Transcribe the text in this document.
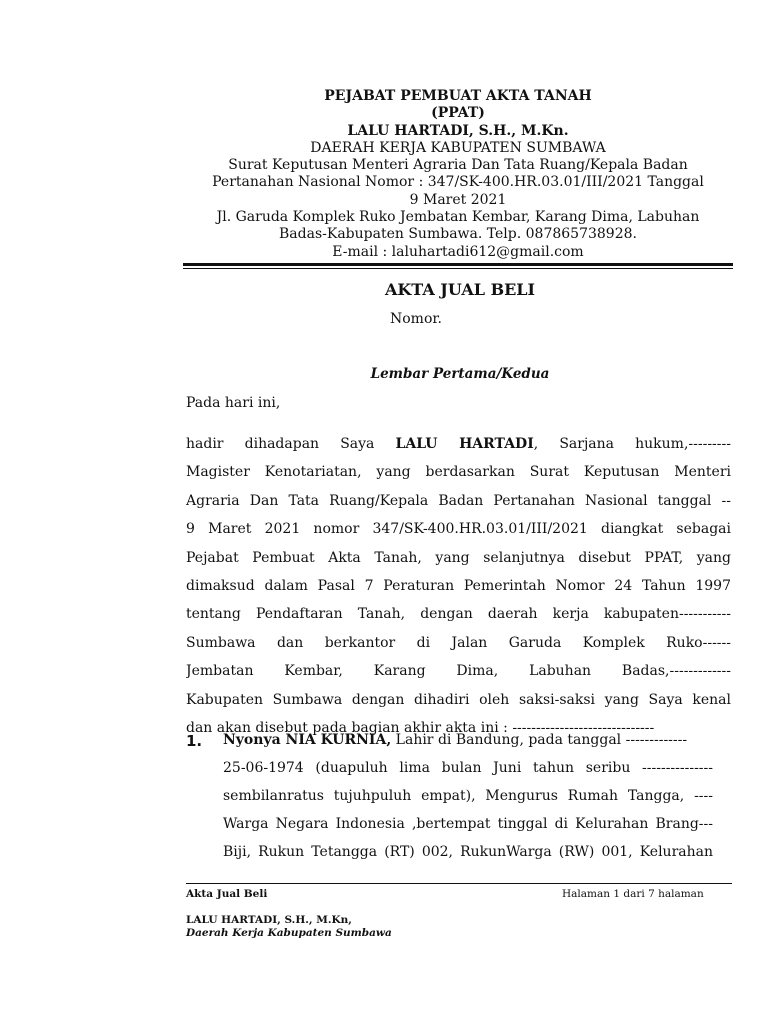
PEJABAT PEMBUAT AKTA TANAH
(PPAT)
LALU HARTADI, S.H., M.Kn.
DAERAH KERJA KABUPATEN SUMBAWA
Surat Keputusan Menteri Agraria Dan Tata Ruang/Kepala Badan
Pertanahan Nasional Nomor : 347/SK-400.HR.03.01/III/2021 Tanggal
9 Maret 2021
Jl. Garuda Komplek Ruko Jembatan Kembar, Karang Dima, Labuhan
Badas-Kabupaten Sumbawa. Telp. 087865738928.
E-mail : laluhartadi612@gmail.com
AKTA JUAL BELI
Nomor.
Lembar Pertama/Kedua
Pada hari ini,
hadir dihadapan Saya LALU HARTADI, Sarjana hukum,---------
Magister Kenotariatan, yang berdasarkan Surat Keputusan Menteri
Agraria Dan Tata Ruang/Kepala Badan Pertanahan Nasional tanggal --
9 Maret 2021 nomor 347/SK-400.HR.03.01/III/2021 diangkat sebagai
Pejabat Pembuat Akta Tanah, yang selanjutnya disebut PPAT, yang
dimaksud dalam Pasal 7 Peraturan Pemerintah Nomor 24 Tahun 1997
tentang Pendaftaran Tanah, dengan daerah kerja kabupaten-----------
Sumbawa dan berkantor di Jalan Garuda Komplek Ruko------
Jembatan Kembar, Karang Dima, Labuhan Badas,-------------
Kabupaten Sumbawa dengan dihadiri oleh saksi-saksi yang Saya kenal
dan akan disebut pada bagian akhir akta ini : ------------------------------
1. Nyonya NIA KURNIA, Lahir di Bandung, pada tanggal -------------
25-06-1974 (duapuluh lima bulan Juni tahun seribu ---------------
sembilanratus tujuhpuluh empat), Mengurus Rumah Tangga, ----
Warga Negara Indonesia ,bertempat tinggal di Kelurahan Brang---
Biji, Rukun Tetangga (RT) 002, RukunWarga (RW) 001, Kelurahan
Akta Jual Beli	Halaman 1 dari 7 halaman
LALU HARTADI, S.H., M.Kn,
Daerah Kerja Kabupaten Sumbawa
